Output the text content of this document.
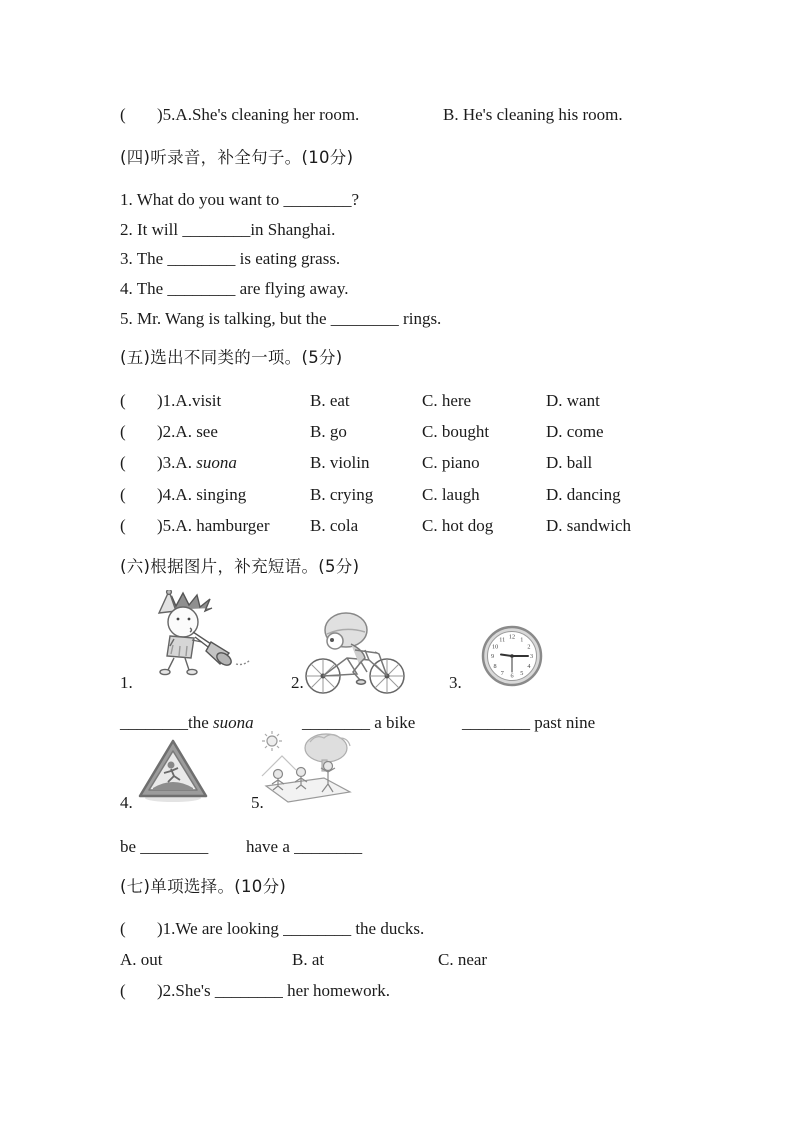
( )5.A.She's cleaning her room.	B. He's cleaning his room.
(四)听录音，补全句子。(10分)
1. What do you want to ________?
2. It will ________in Shanghai.
3. The ________ is eating grass.
4. The ________ are flying away.
5. Mr. Wang is talking, but the ________ rings.
(五)选出不同类的一项。(5分)
( )1.A.visit	B. eat	C. here	D. want
( )2.A. see	B. go	C. bought	D. come
( )3.A. suona	B. violin	C. piano	D. ball
( )4.A. singing	B. crying	C. laugh	D. dancing
( )5.A. hamburger B. cola	C. hot dog	D. sandwich
(六)根据图片，补充短语。(5分)
1
2
3
4
5
6
7
8
9
10
11 12
1.	2.	3.
________the suona	________ a bike	________ past nine
4.	5.
be ________ have a ________
(七)单项选择。(10分)
( )1.We are looking ________ the ducks.
A. out	B. at	C. near
( )2.She's ________ her homework.
